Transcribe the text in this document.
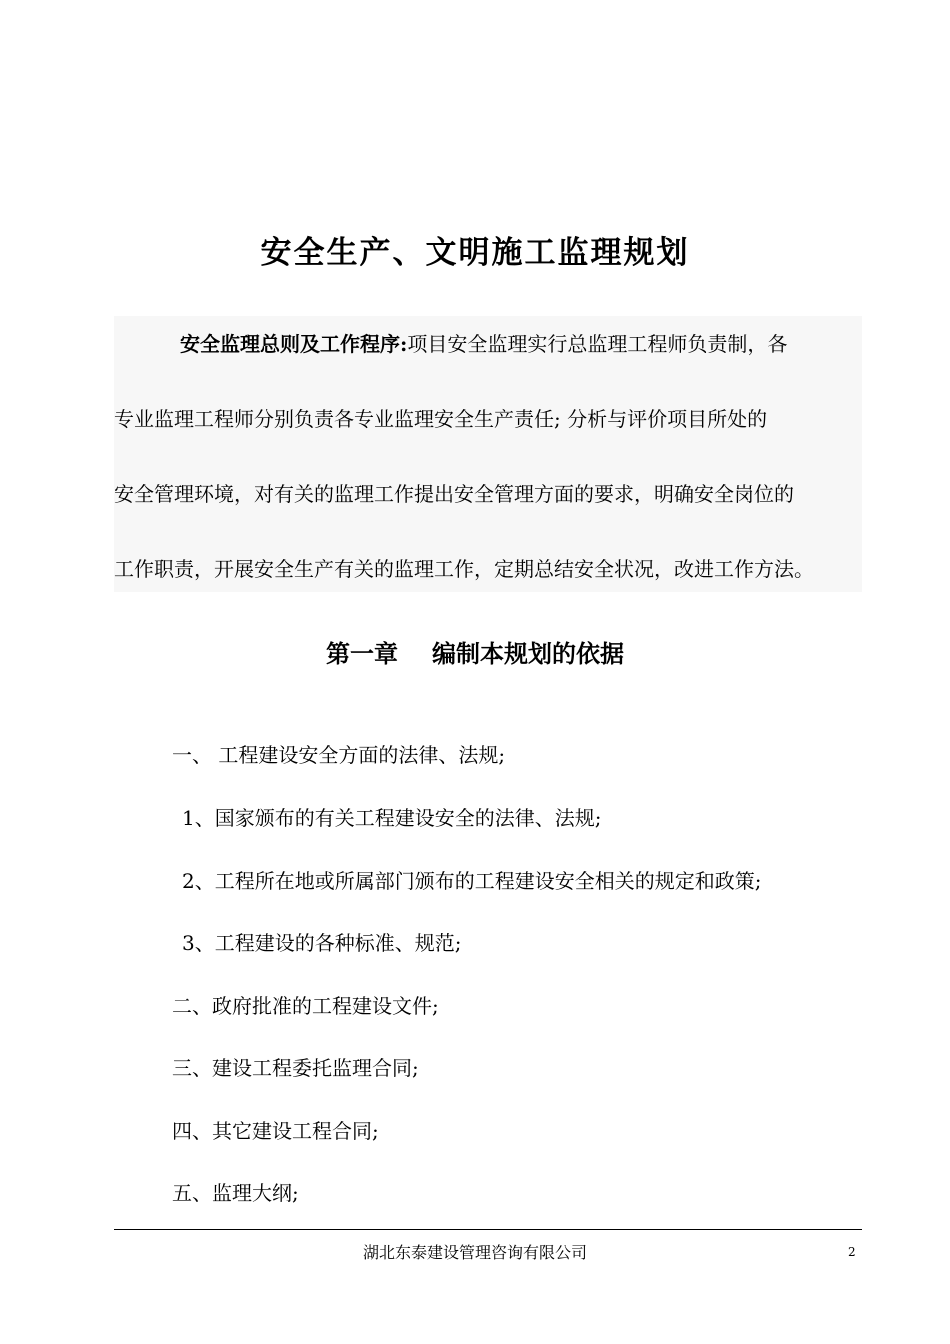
安全生产、文明施工监理规划
安全监理总则及工作程序:项目安全监理实行总监理工程师负责制，各
专业监理工程师分别负责各专业监理安全生产责任; 分析与评价项目所处的
安全管理环境，对有关的监理工作提出安全管理方面的要求，明确安全岗位的
工作职责，开展安全生产有关的监理工作，定期总结安全状况，改进工作方法。
第一章 编制本规划的依据
一、 工程建设安全方面的法律、法规;
1、国家颁布的有关工程建设安全的法律、法规;
2、工程所在地或所属部门颁布的工程建设安全相关的规定和政策;
3、工程建设的各种标准、规范;
二、政府批准的工程建设文件;
三、建设工程委托监理合同;
四、其它建设工程合同;
五、监理大纲;
湖北东泰建设管理咨询有限公司	2
